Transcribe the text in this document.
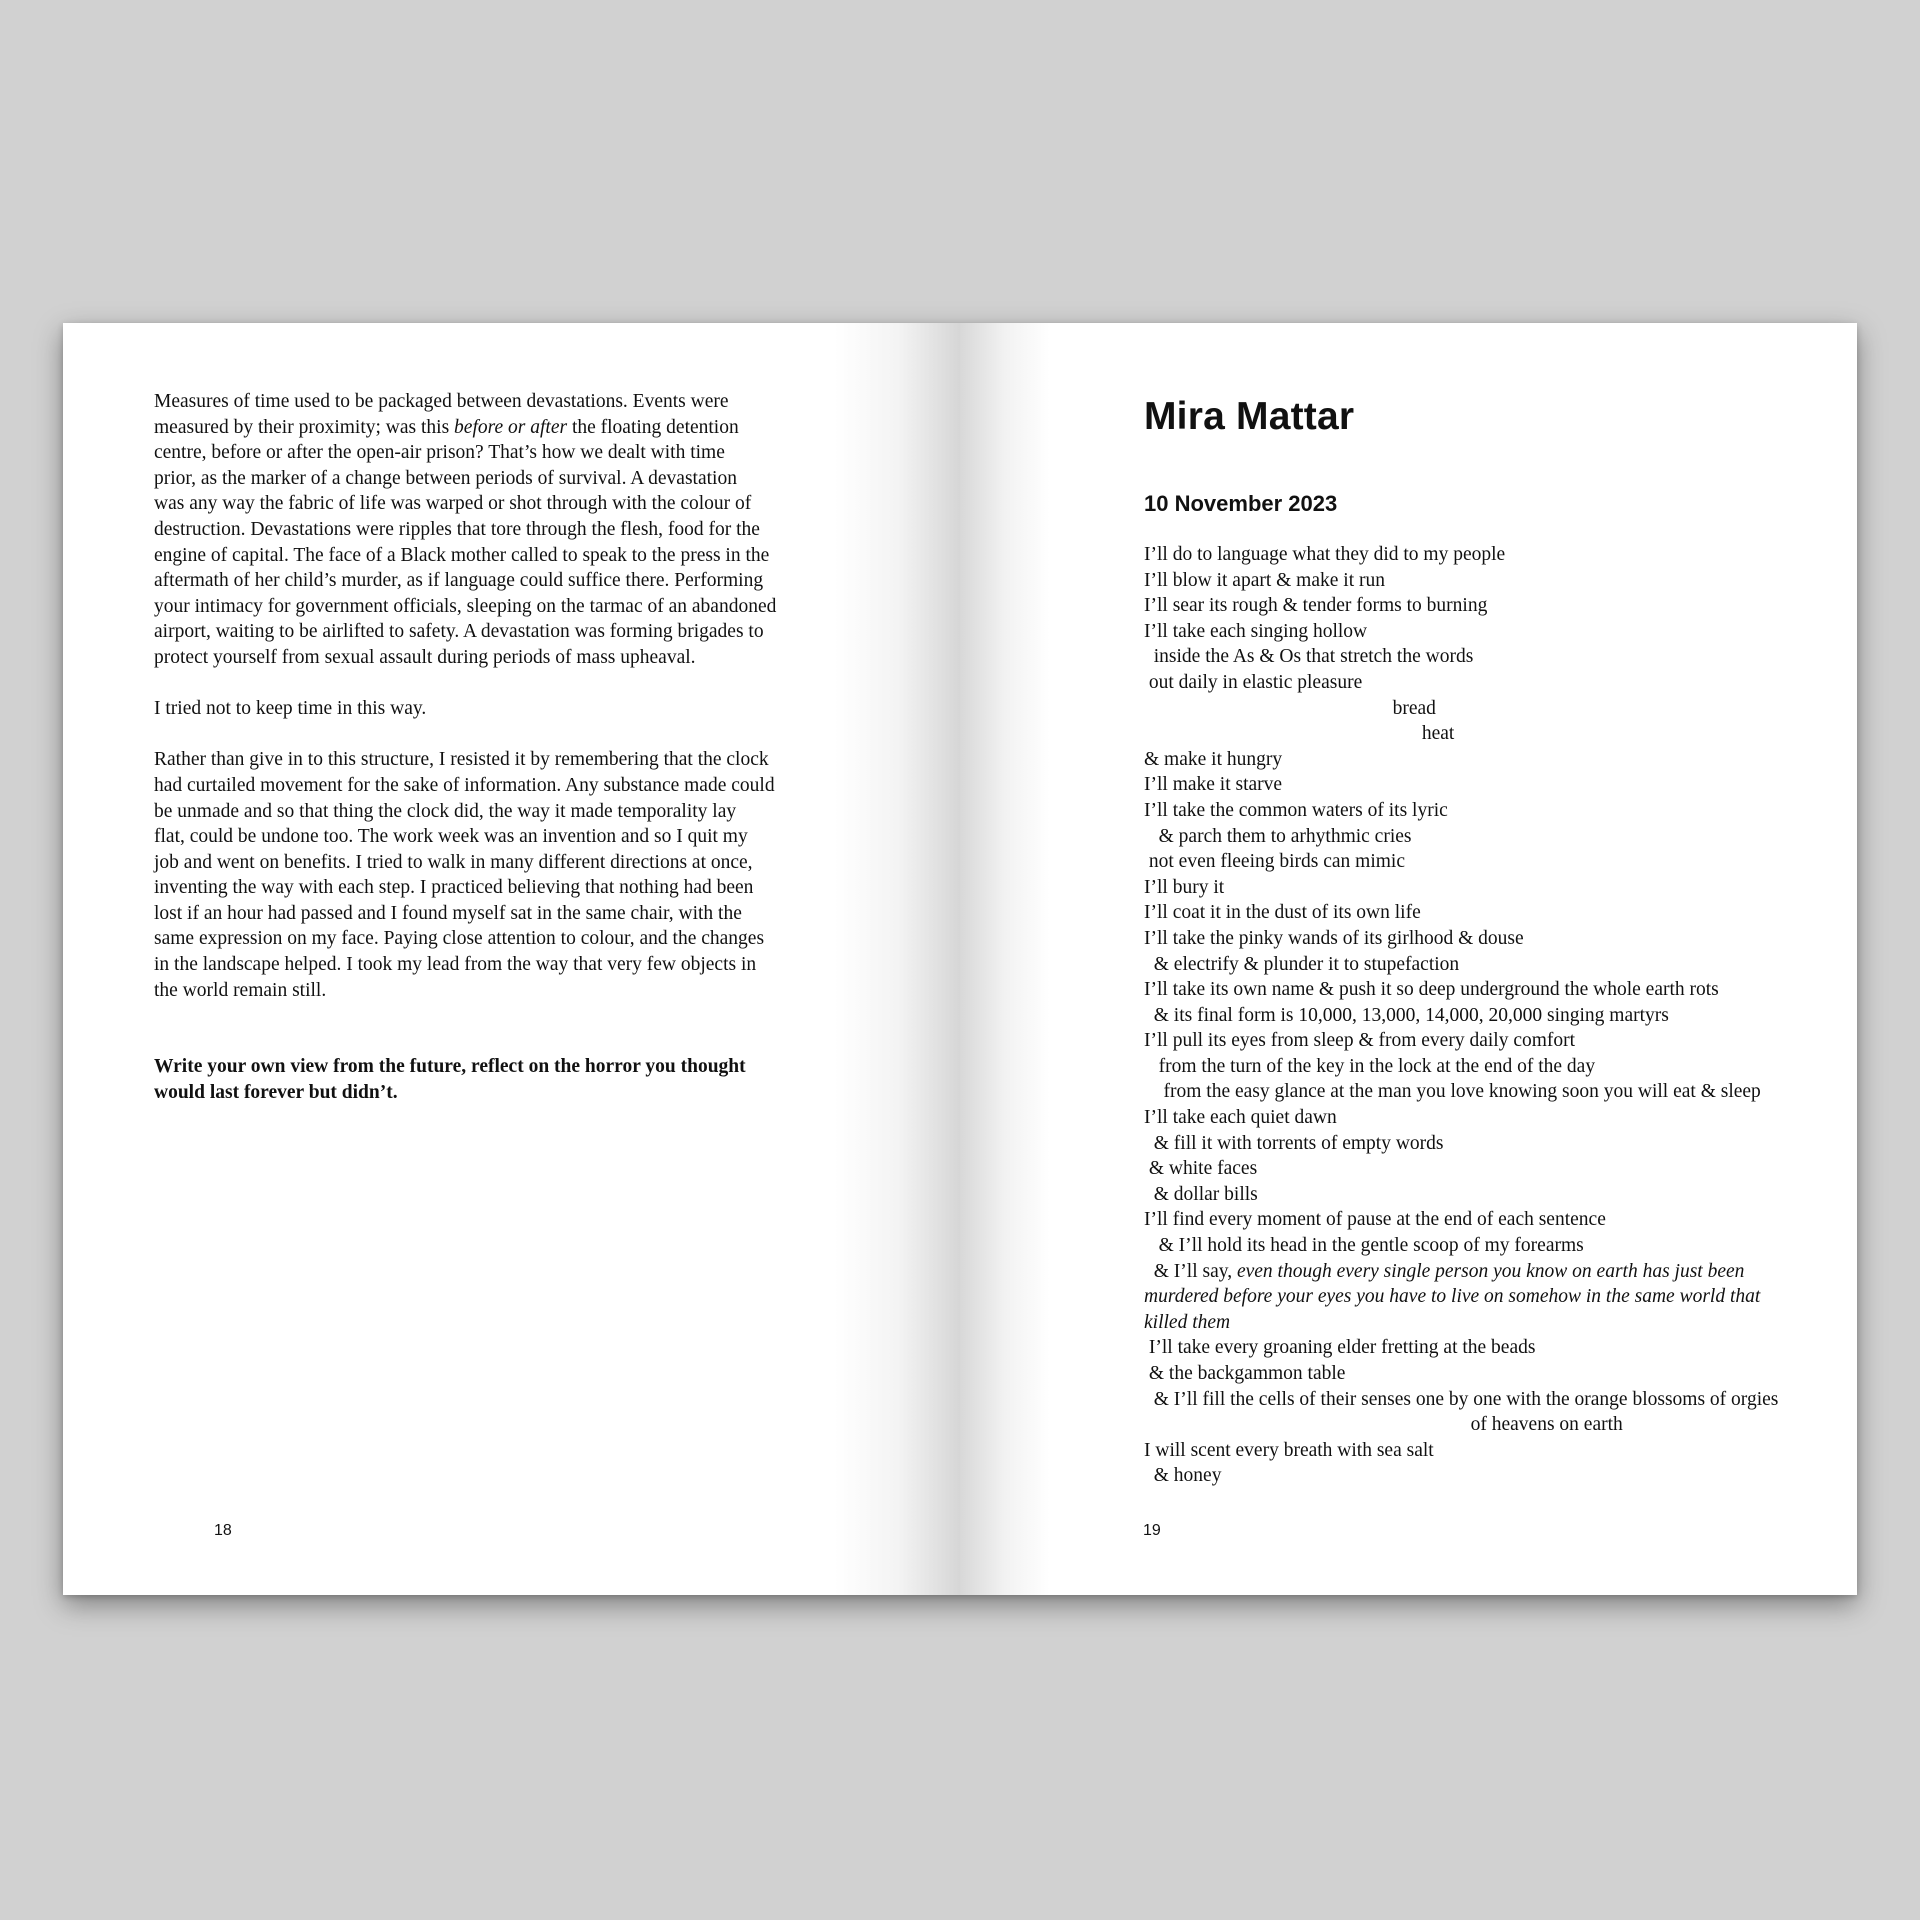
Measures of time used to be packaged between devastations. Events were
measured by their proximity; was this before or after the floating detention
centre, before or after the open-air prison? That’s how we dealt with time
prior, as the marker of a change between periods of survival. A devastation
was any way the fabric of life was warped or shot through with the colour of
destruction. Devastations were ripples that tore through the flesh, food for the
engine of capital. The face of a Black mother called to speak to the press in the
aftermath of her child’s murder, as if language could suffice there. Performing
your intimacy for government officials, sleeping on the tarmac of an abandoned
airport, waiting to be airlifted to safety. A devastation was forming brigades to
protect yourself from sexual assault during periods of mass upheaval.

I tried not to keep time in this way.

Rather than give in to this structure, I resisted it by remembering that the clock
had curtailed movement for the sake of information. Any substance made could
be unmade and so that thing the clock did, the way it made temporality lay
flat, could be undone too. The work week was an invention and so I quit my
job and went on benefits. I tried to walk in many different directions at once,
inventing the way with each step. I practiced believing that nothing had been
lost if an hour had passed and I found myself sat in the same chair, with the
same expression on my face. Paying close attention to colour, and the changes
in the landscape helped. I took my lead from the way that very few objects in
the world remain still.

Write your own view from the future, reflect on the horror you thought
would last forever but didn’t.
18
Mira Mattar
10 November 2023
I’ll do to language what they did to my people
I’ll blow it apart & make it run
I’ll sear its rough & tender forms to burning
I’ll take each singing hollow
inside the As & Os that stretch the words
out daily in elastic pleasure
bread
heat
& make it hungry
I’ll make it starve
I’ll take the common waters of its lyric
& parch them to arhythmic cries
not even fleeing birds can mimic
I’ll bury it
I’ll coat it in the dust of its own life
I’ll take the pinky wands of its girlhood & douse
& electrify & plunder it to stupefaction
I’ll take its own name & push it so deep underground the whole earth rots
& its final form is 10,000, 13,000, 14,000, 20,000 singing martyrs
I’ll pull its eyes from sleep & from every daily comfort
from the turn of the key in the lock at the end of the day
from the easy glance at the man you love knowing soon you will eat & sleep
I’ll take each quiet dawn
& fill it with torrents of empty words
& white faces
& dollar bills
I’ll find every moment of pause at the end of each sentence
& I’ll hold its head in the gentle scoop of my forearms
& I’ll say, even though every single person you know on earth has just been
murdered before your eyes you have to live on somehow in the same world that
killed them
I’ll take every groaning elder fretting at the beads
& the backgammon table
& I’ll fill the cells of their senses one by one with the orange blossoms of orgies
of heavens on earth
I will scent every breath with sea salt
& honey
19
